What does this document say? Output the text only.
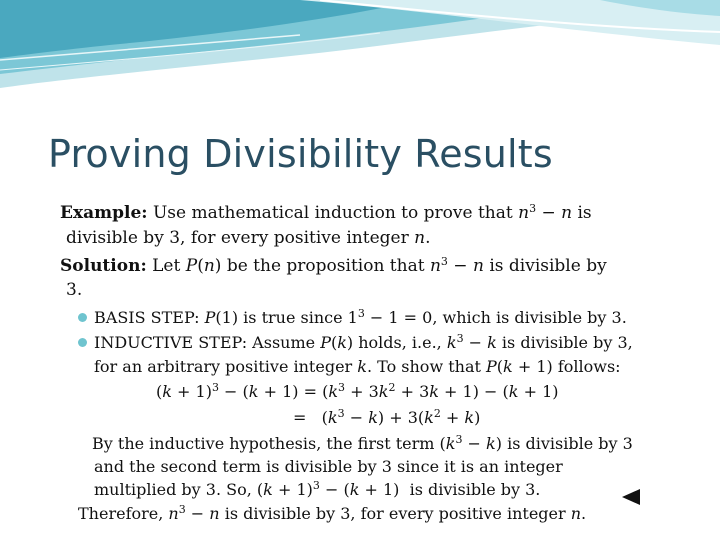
Proving Divisibility Results
Example: Use mathematical induction to prove that $n^3 - n$ is
divisible by 3, for every positive integer n.
Solution: Let P(n) be the proposition that $n^3 - n$ is divisible by
3.
BASIS STEP: P(1) is true since $1^3 - 1 = 0$, which is divisible by 3.
INDUCTIVE STEP: Assume P(k) holds, i.e., $k^3 - k$ is divisible by 3,
for an arbitrary positive integer k. To show that P(k + 1) follows:
$(k + 1)^3 - (k + 1) = (k^3 + 3k^2 + 3k + 1) - (k + 1)$
=   $(k^3 - k) + 3(k^2 + k)$
By the inductive hypothesis, the first term $(k^3 - k)$ is divisible by 3
and the second term is divisible by 3 since it is an integer
multiplied by 3. So, $(k + 1)^3 - (k + 1)$  is divisible by 3.
Therefore, $n^3 - n$ is divisible by 3, for every positive integer n.
